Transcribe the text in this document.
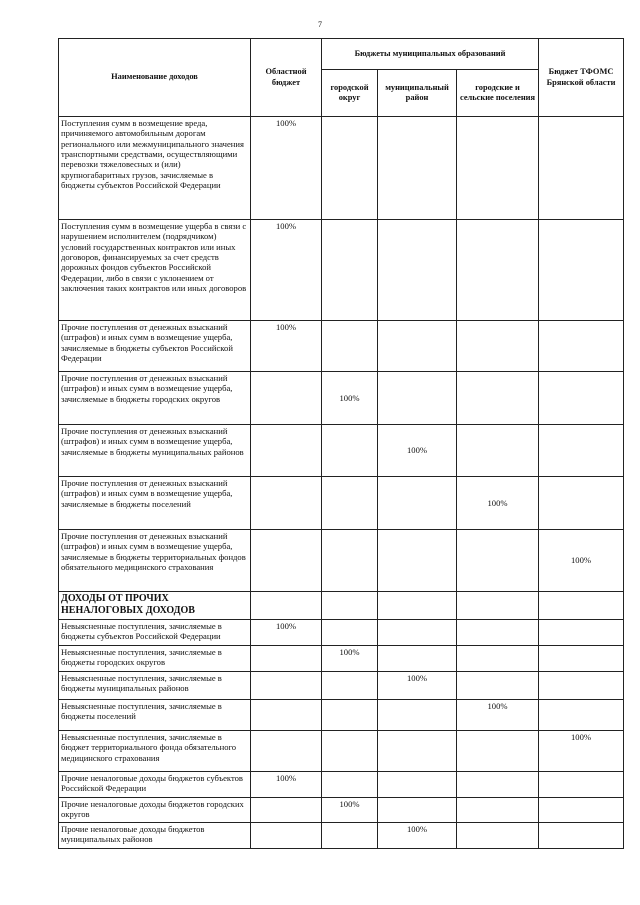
7
Наименование доходов	Областной бюджет	Бюджеты муниципальных образований			Бюджет ТФОМС Брянской области
		городской округ	муниципальный район	городские и сельские поселения	
Поступления сумм в возмещение вреда, причиняемого автомобильным дорогам регионального или межмуниципального значения транспортными средствами, осуществляющими перевозки тяжеловесных и (или) крупногабаритных грузов, зачисляемые в бюджеты субъектов Российской Федерации	100%				
Поступления сумм в возмещение ущерба в связи с нарушением исполнителем (подрядчиком) условий государственных контрактов или иных договоров, финансируемых за счет средств дорожных фондов субъектов Российской Федерации, либо в связи с уклонением от заключения таких контрактов или иных договоров	100%				
Прочие поступления от денежных взысканий (штрафов) и иных сумм в возмещение ущерба, зачисляемые в бюджеты субъектов Российской Федерации	100%				
Прочие поступления от денежных взысканий (штрафов) и иных сумм в возмещение ущерба, зачисляемые в бюджеты городских округов		100%			
Прочие поступления от денежных взысканий (штрафов) и иных сумм в возмещение ущерба, зачисляемые в бюджеты муниципальных районов			100%		
Прочие поступления от денежных взысканий (штрафов) и иных сумм в возмещение ущерба, зачисляемые в бюджеты поселений				100%	
Прочие поступления от денежных взысканий (штрафов) и иных сумм в возмещение ущерба, зачисляемые в бюджеты территориальных фондов обязательного медицинского страхования					100%
ДОХОДЫ ОТ ПРОЧИХ НЕНАЛОГОВЫХ ДОХОДОВ					
Невыясненные поступления, зачисляемые в бюджеты субъектов Российской Федерации	100%				
Невыясненные поступления, зачисляемые в бюджеты городских округов		100%			
Невыясненные поступления, зачисляемые в бюджеты муниципальных районов			100%		
Невыясненные поступления, зачисляемые в бюджеты поселений				100%	
Невыясненные поступления, зачисляемые в бюджет территориального фонда обязательного медицинского страхования					100%
Прочие неналоговые доходы бюджетов субъектов Российской Федерации	100%				
Прочие неналоговые доходы бюджетов городских округов		100%			
Прочие неналоговые доходы бюджетов муниципальных районов			100%		
